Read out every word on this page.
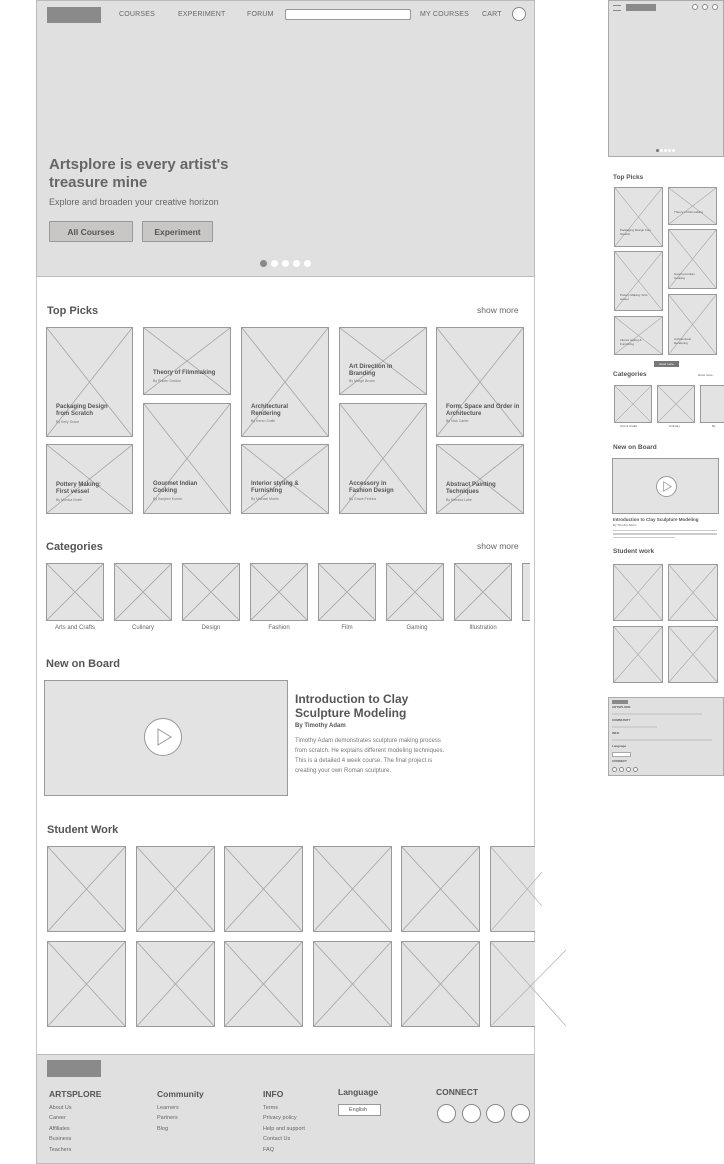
COURSES	EXPERIMENT	FORUM	MY COURSES CART
Artsplore is every artist's
treasure mine
Explore and broaden your creative horizon
All Courses	Experiment
Top Picks	show more
Packaging Design from Scratch
By Kelly Grace
Theory of Filmmaking
By Ruben Gordon
Architectural Rendering
By Keren Smith
Art Direction in Branding
By Marge Brown
Form, Space and Order in Architecture
By Nick Carter
Pottery Making: First vessel
By Monica Smith
Gourmet Indian Cooking
By Sanjeev Kumar
Interior styling & Furnishing
By Michael Morris
Accessory in Fashion Design
By Grace Perkins
Abstract Painting Techniques
By Neesha Lahe
Categories	show more
Arts and Crafts	Culinary	Design	Fashion	Film	Gaming	Illustration
New on Board
Introduction to Clay
Sculpture Modeling
By Timothy Adam
Timothy Adam demonstrates sculpture making process from scratch. He explains different modeling techniques. This is a detailed 4 week course. The final project is creating your own Roman sculpture.
Student Work
ARTSPLORE
About Us
Career
Affiliates
Business
Teachers
Community
Learners
Partners
Blog
INFO
Terms
Privacy policy
Help and support
Contact Us
FAQ
Language
English
CONNECT
Top Picks
Packaging Design from Scratch
Theory of Filmmaking
Gourmet Indian Cooking
Pottery Making: First vessel
Architectural Rendering
Interior styling & Furnishing
show more
Categories	show more
Arts & Crafts	Culinary	By
New on Board
Introduction to Clay Sculpture Modeling
By Timothy Adam
Student work
ARTSPLORE
COMMUNITY
INFO
Language
CONNECT
